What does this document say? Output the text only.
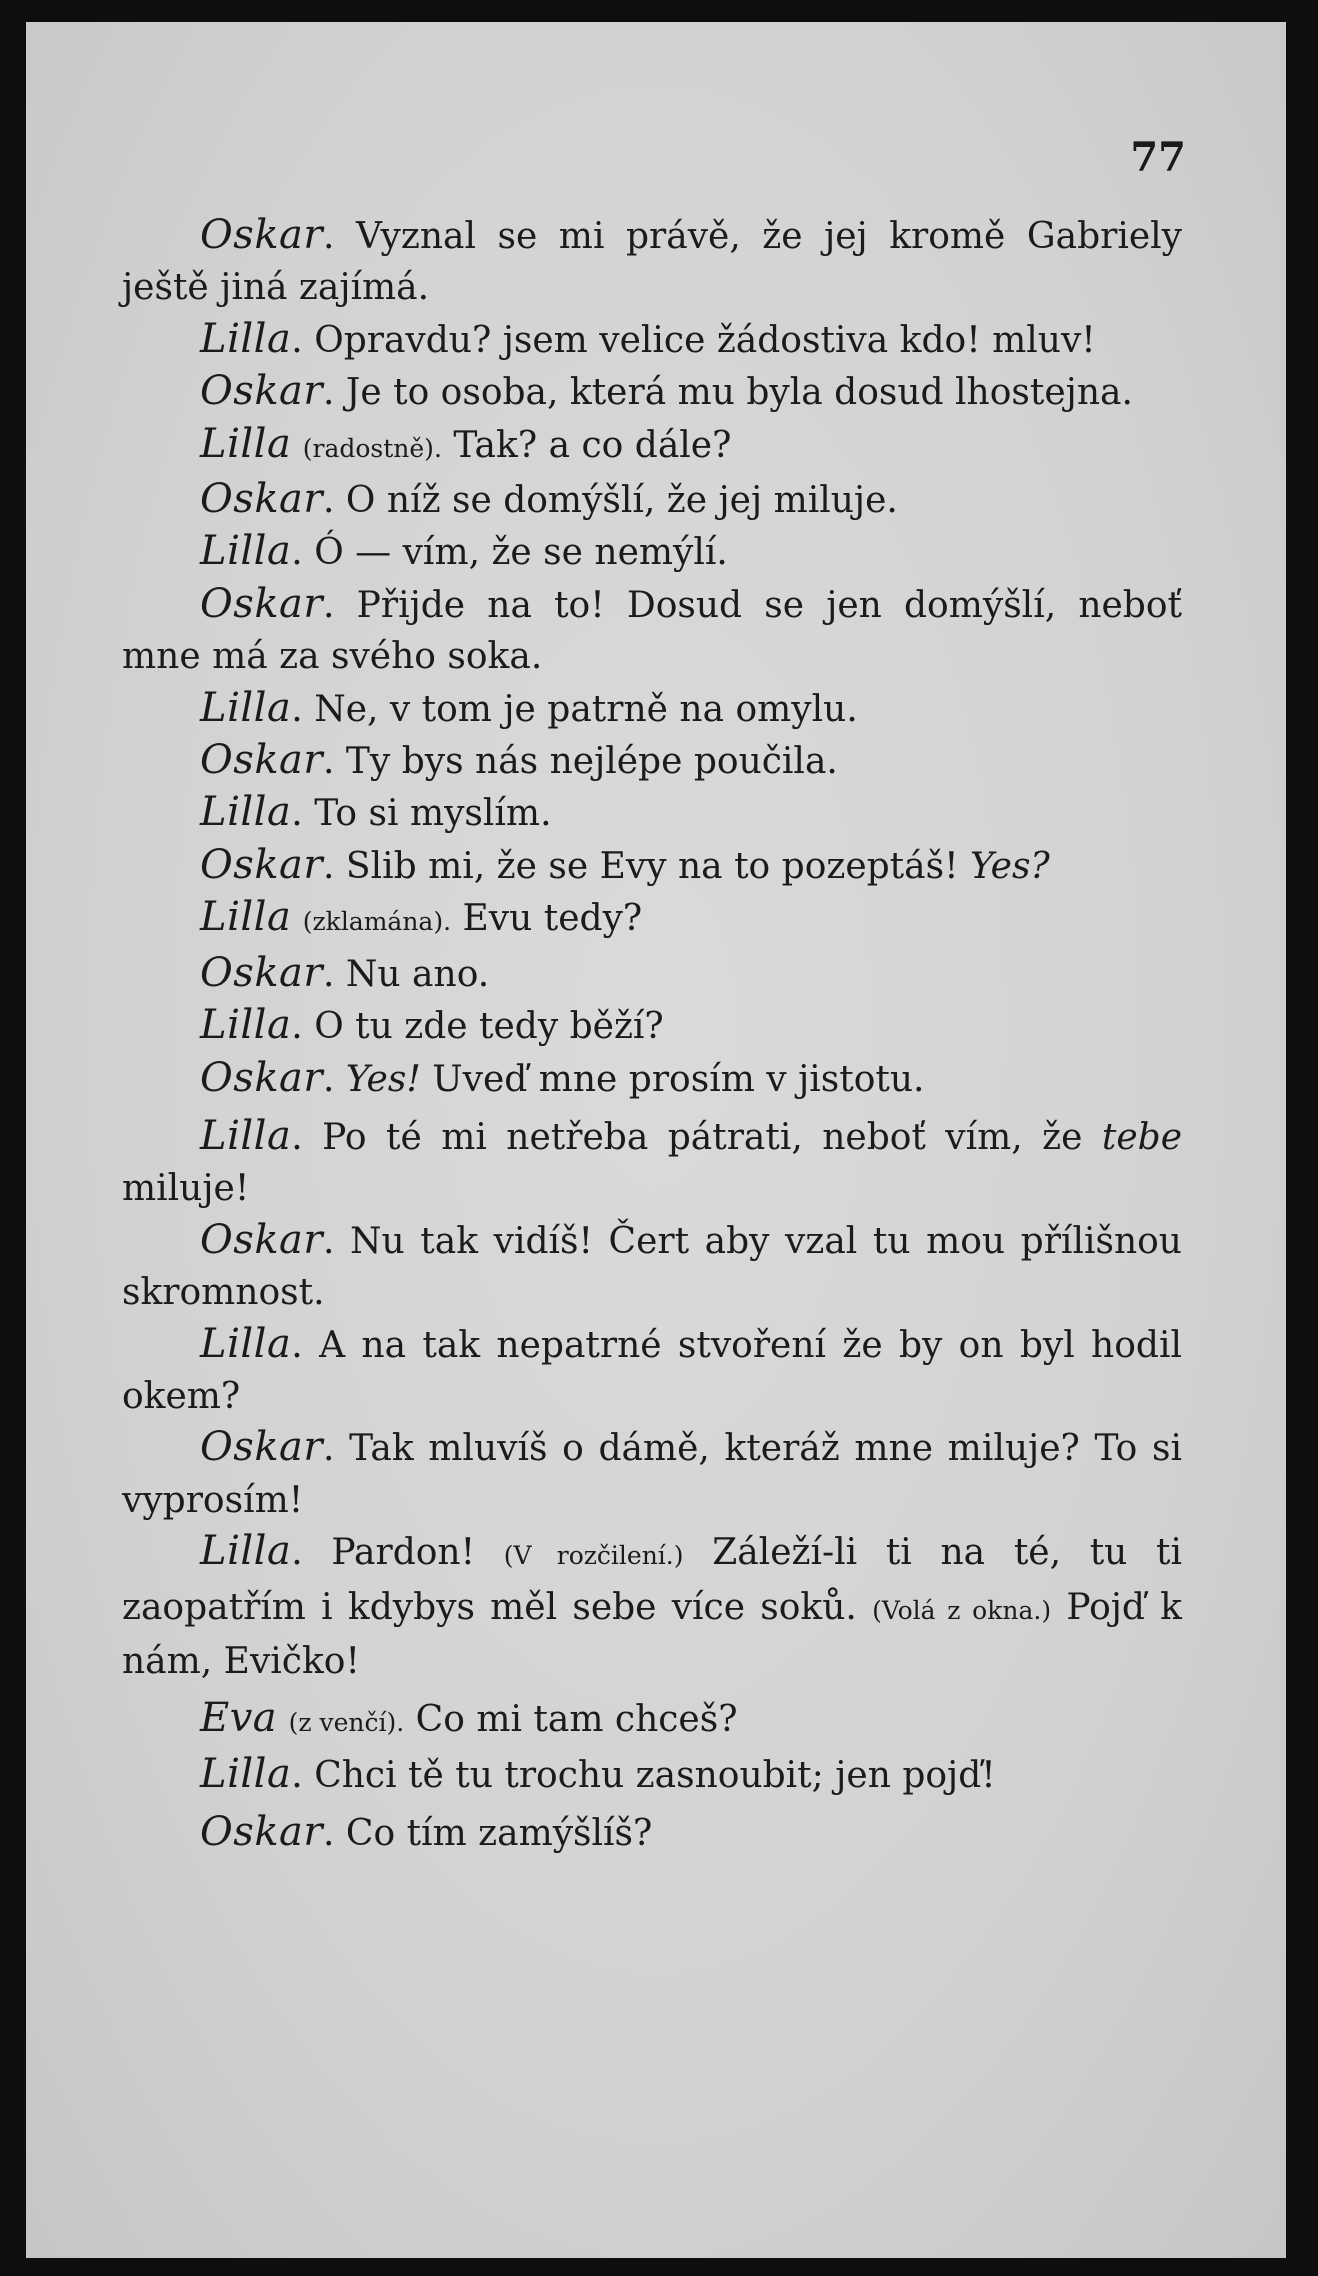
77

Oskar. Vyznal se mi právě, že jej kromě Gabriely ještě jiná zajímá.

Lilla. Opravdu? jsem velice žádostiva kdo! mluv!

Oskar. Je to osoba, která mu byla dosud lhostejna.

Lilla (radostně). Tak? a co dále?

Oskar. O níž se domýšlí, že jej miluje.

Lilla. Ó — vím, že se nemýlí.

Oskar. Přijde na to! Dosud se jen domýšlí, neboť mne má za svého soka.

Lilla. Ne, v tom je patrně na omylu.

Oskar. Ty bys nás nejlépe poučila.

Lilla. To si myslím.

Oskar. Slib mi, že se Evy na to pozeptáš! Yes?

Lilla (zklamána). Evu tedy?

Oskar. Nu ano.

Lilla. O tu zde tedy běží?

Oskar. Yes! Uveď mne prosím v jistotu.

Lilla. Po té mi netřeba pátrati, neboť vím, že tebe miluje!

Oskar. Nu tak vidíš! Čert aby vzal tu mou přílišnou skromnost.

Lilla. A na tak nepatrné stvoření že by on byl hodil okem?

Oskar. Tak mluvíš o dámě, kteráž mne miluje? To si vyprosím!

Lilla. Pardon! (V rozčilení.) Záleží-li ti na té, tu ti zaopatřím i kdybys měl sebe více soků. (Volá z okna.) Pojď k nám, Evičko!

Eva (z venčí). Co mi tam chceš?

Lilla. Chci tě tu trochu zasnoubit; jen pojď!

Oskar. Co tím zamýšlíš?
